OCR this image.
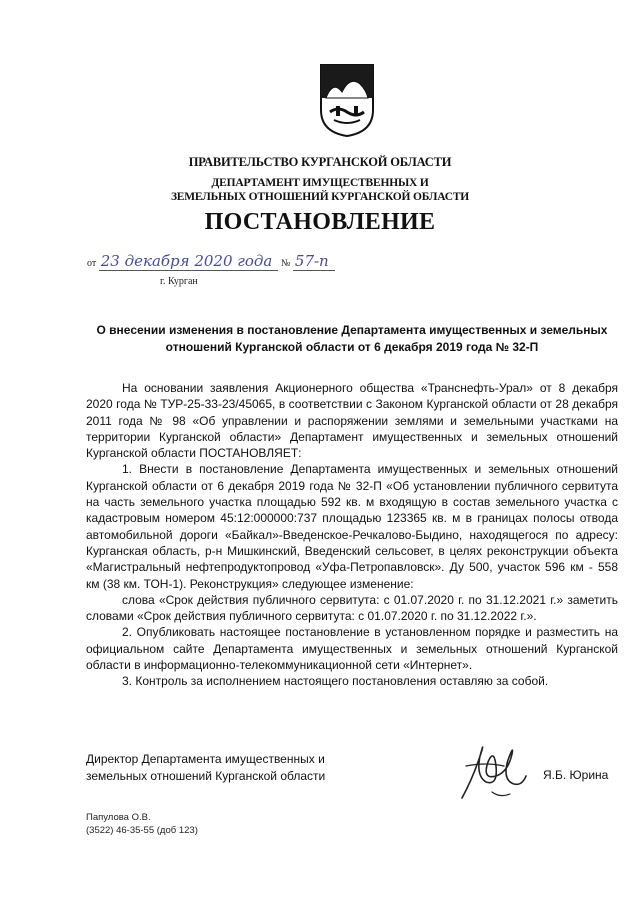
ПРАВИТЕЛЬСТВО КУРГАНСКОЙ ОБЛАСТИ

ДЕПАРТАМЕНТ ИМУЩЕСТВЕННЫХ И

ЗЕМЕЛЬНЫХ ОТНОШЕНИЙ КУРГАНСКОЙ ОБЛАСТИ

ПОСТАНОВЛЕНИЕ

от 23 декабря 2020 года № 57-п
г. Курган

О внесении изменения в постановление Департамента имущественных и земельных отношений Курганской области от 6 декабря 2019 года № 32-П

На основании заявления Акционерного общества «Транснефть-Урал» от 8 декабря 2020 года № ТУР-25-33-23/45065, в соответствии с Законом Курганской области от 28 декабря 2011 года № 98 «Об управлении и распоряжении землями и земельными участками на территории Курганской области» Департамент имущественных и земельных отношений Курганской области ПОСТАНОВЛЯЕТ:

1. Внести в постановление Департамента имущественных и земельных отношений Курганской области от 6 декабря 2019 года № 32-П «Об установлении публичного сервитута на часть земельного участка площадью 592 кв. м входящую в состав земельного участка с кадастровым номером 45:12:000000:737 площадью 123365 кв. м в границах полосы отвода автомобильной дороги «Байкал»-Введенское-Речкалово-Быдино, находящегося по адресу: Курганская область, р-н Мишкинский, Введенский сельсовет, в целях реконструкции объекта «Магистральный нефтепродуктопровод «Уфа-Петропавловск». Ду 500, участок 596 км - 558 км (38 км. ТОН-1). Реконструкция» следующее изменение:

слова «Срок действия публичного сервитута: с 01.07.2020 г. по 31.12.2021 г.» заметить словами «Срок действия публичного сервитута: с 01.07.2020 г. по 31.12.2022 г.».

2. Опубликовать настоящее постановление в установленном порядке и разместить на официальном сайте Департамента имущественных и земельных отношений Курганской области в информационно-телекоммуникационной сети «Интернет».

3. Контроль за исполнением настоящего постановления оставляю за собой.

Директор Департамента имущественных и
земельных отношений Курганской области	Я.Б. Юрина
Папулова О.В.
(3522) 46-35-55 (доб 123)
